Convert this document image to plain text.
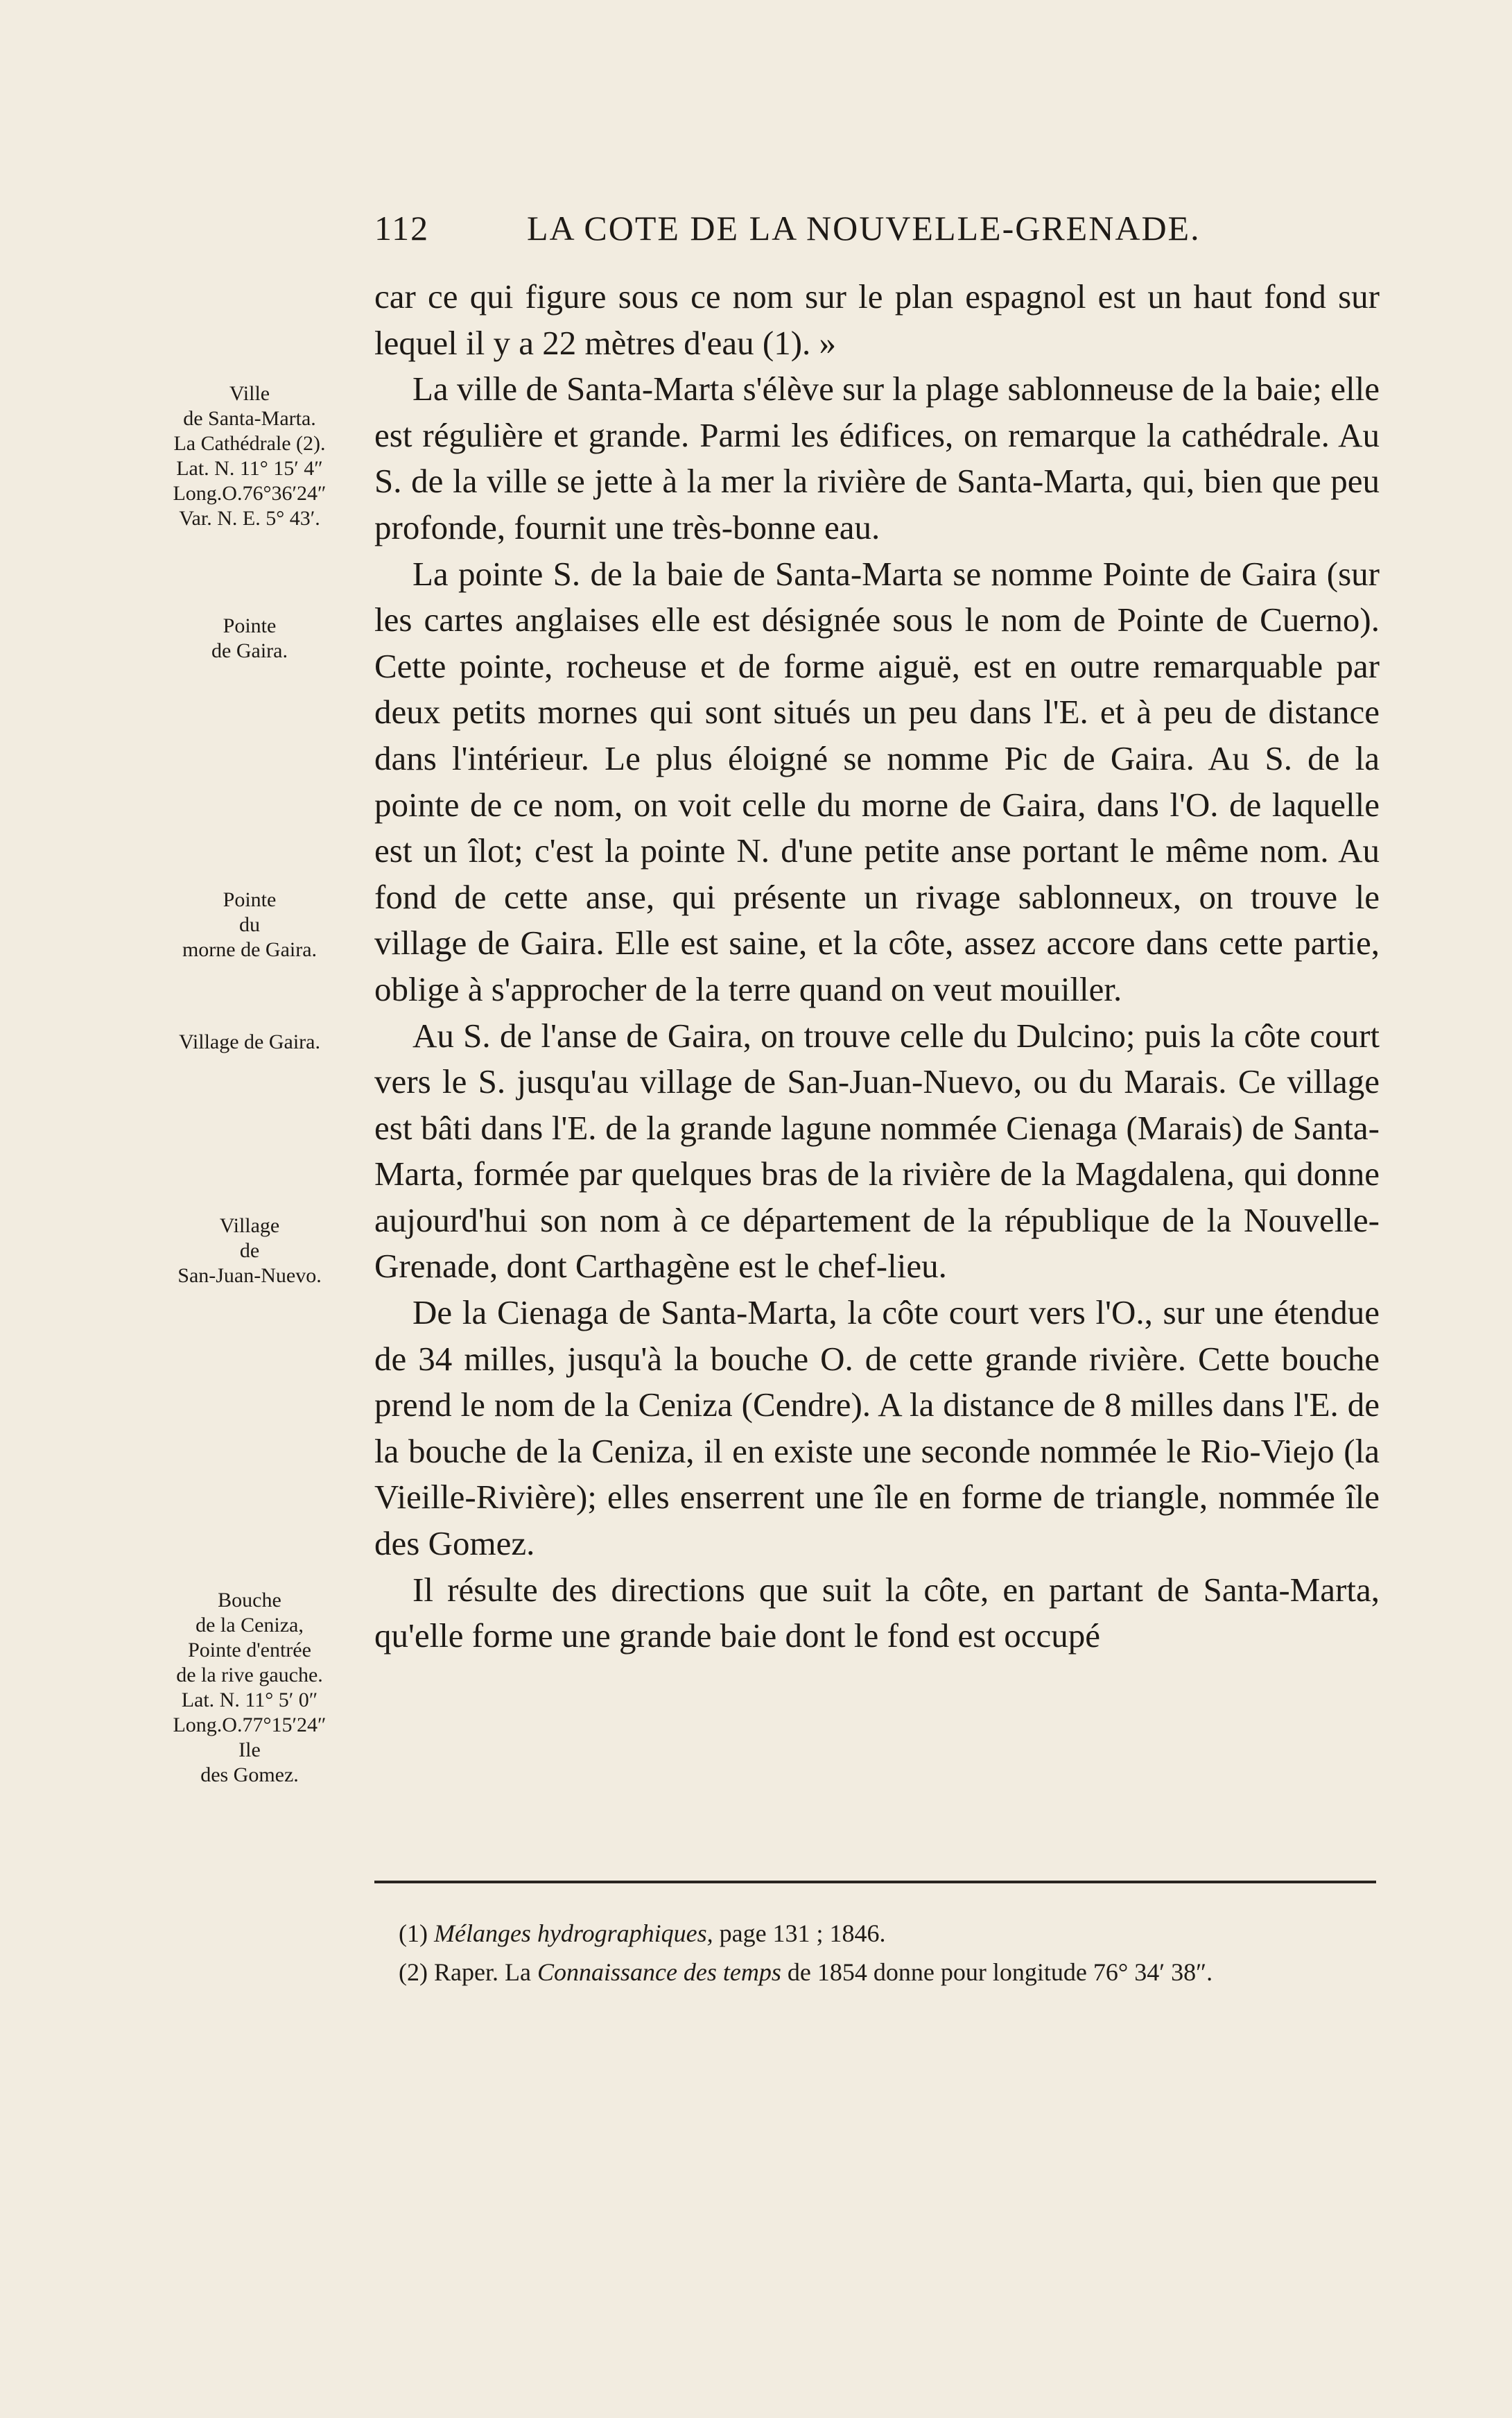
112	LA COTE DE LA NOUVELLE-GRENADE.
Ville
de Santa-Marta.
La Cathédrale (2).
Lat. N. 11° 15′ 4″
Long.O.76°36′24″
Var. N. E. 5° 43′.
Pointe
de Gaira.
Pointe
du
morne de Gaira.
Village de Gaira.
Village
de
San-Juan-Nuevo.
Bouche
de la Ceniza,
Pointe d'entrée
de la rive gauche.
Lat. N. 11° 5′ 0″
Long.O.77°15′24″
Ile
des Gomez.

car ce qui figure sous ce nom sur le plan espagnol est un haut fond sur lequel il y a 22 mètres d'eau (1). »

La ville de Santa-Marta s'élève sur la plage sablonneuse de la baie; elle est régulière et grande. Parmi les édifices, on remarque la cathédrale. Au S. de la ville se jette à la mer la rivière de Santa-Marta, qui, bien que peu profonde, fournit une très-bonne eau.

La pointe S. de la baie de Santa-Marta se nomme Pointe de Gaira (sur les cartes anglaises elle est désignée sous le nom de Pointe de Cuerno). Cette pointe, rocheuse et de forme aiguë, est en outre remarquable par deux petits mornes qui sont situés un peu dans l'E. et à peu de distance dans l'intérieur. Le plus éloigné se nomme Pic de Gaira. Au S. de la pointe de ce nom, on voit celle du morne de Gaira, dans l'O. de laquelle est un îlot; c'est la pointe N. d'une petite anse portant le même nom. Au fond de cette anse, qui présente un rivage sablonneux, on trouve le village de Gaira. Elle est saine, et la côte, assez accore dans cette partie, oblige à s'approcher de la terre quand on veut mouiller.

Au S. de l'anse de Gaira, on trouve celle du Dulcino; puis la côte court vers le S. jusqu'au village de San-Juan-Nuevo, ou du Marais. Ce village est bâti dans l'E. de la grande lagune nommée Cienaga (Marais) de Santa-Marta, formée par quelques bras de la rivière de la Magdalena, qui donne aujourd'hui son nom à ce département de la république de la Nouvelle-Grenade, dont Carthagène est le chef-lieu.

De la Cienaga de Santa-Marta, la côte court vers l'O., sur une étendue de 34 milles, jusqu'à la bouche O. de cette grande rivière. Cette bouche prend le nom de la Ceniza (Cendre). A la distance de 8 milles dans l'E. de la bouche de la Ceniza, il en existe une seconde nommée le Rio-Viejo (la Vieille-Rivière); elles enserrent une île en forme de triangle, nommée île des Gomez.

Il résulte des directions que suit la côte, en partant de Santa-Marta, qu'elle forme une grande baie dont le fond est occupé

(1) Mélanges hydrographiques, page 131 ; 1846.

(2) Raper. La Connaissance des temps de 1854 donne pour longitude 76° 34′ 38″.
